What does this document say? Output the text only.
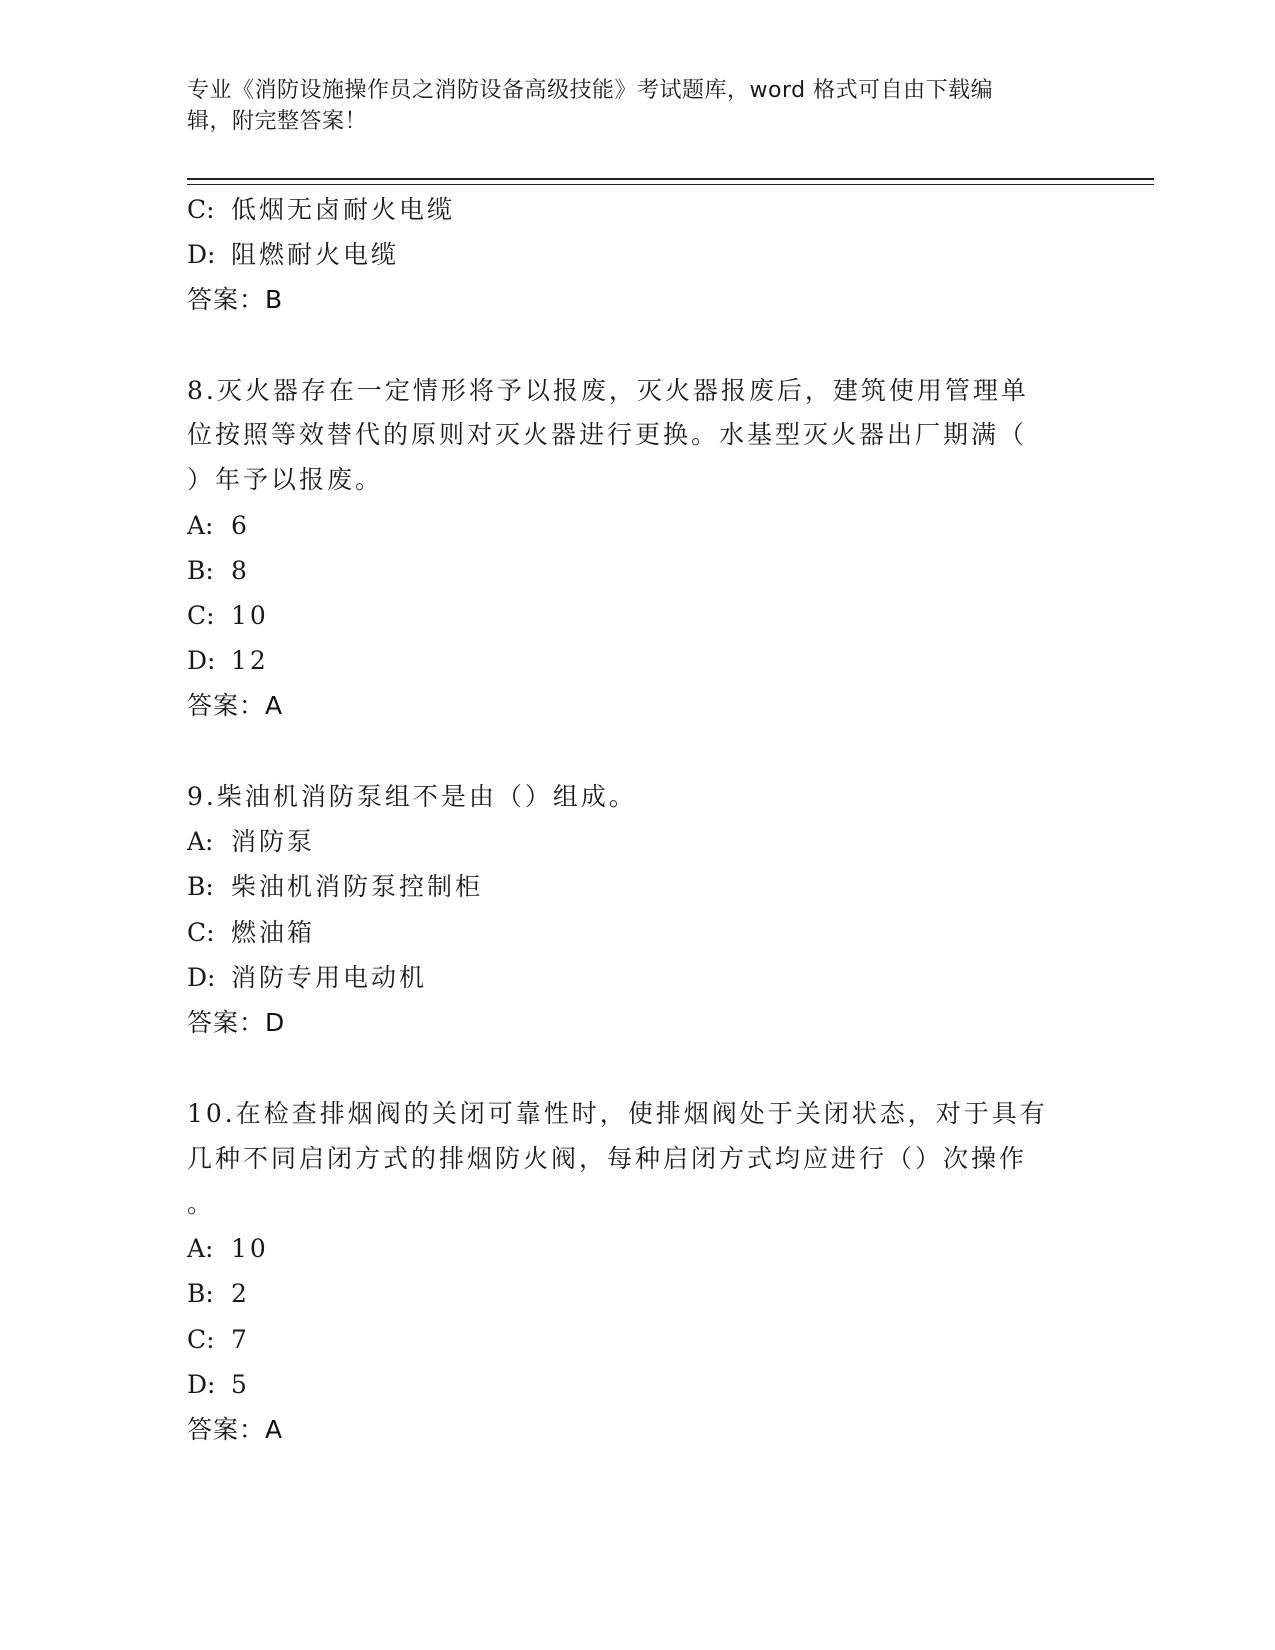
专业《消防设施操作员之消防设备高级技能》考试题库，word 格式可自由下载编
辑，附完整答案！
C: 低烟无卤耐火电缆
D: 阻燃耐火电缆
答案：B
8.灭火器存在一定情形将予以报废，灭火器报废后，建筑使用管理单
位按照等效替代的原则对灭火器进行更换。水基型灭火器出厂期满（
）年予以报废。
A: 6
B: 8
C: 10
D: 12
答案：A
9.柴油机消防泵组不是由（）组成。
A: 消防泵
B: 柴油机消防泵控制柜
C: 燃油箱
D: 消防专用电动机
答案：D
10.在检查排烟阀的关闭可靠性时，使排烟阀处于关闭状态，对于具有
几种不同启闭方式的排烟防火阀，每种启闭方式均应进行（）次操作
。
A: 10
B: 2
C: 7
D: 5
答案：A
